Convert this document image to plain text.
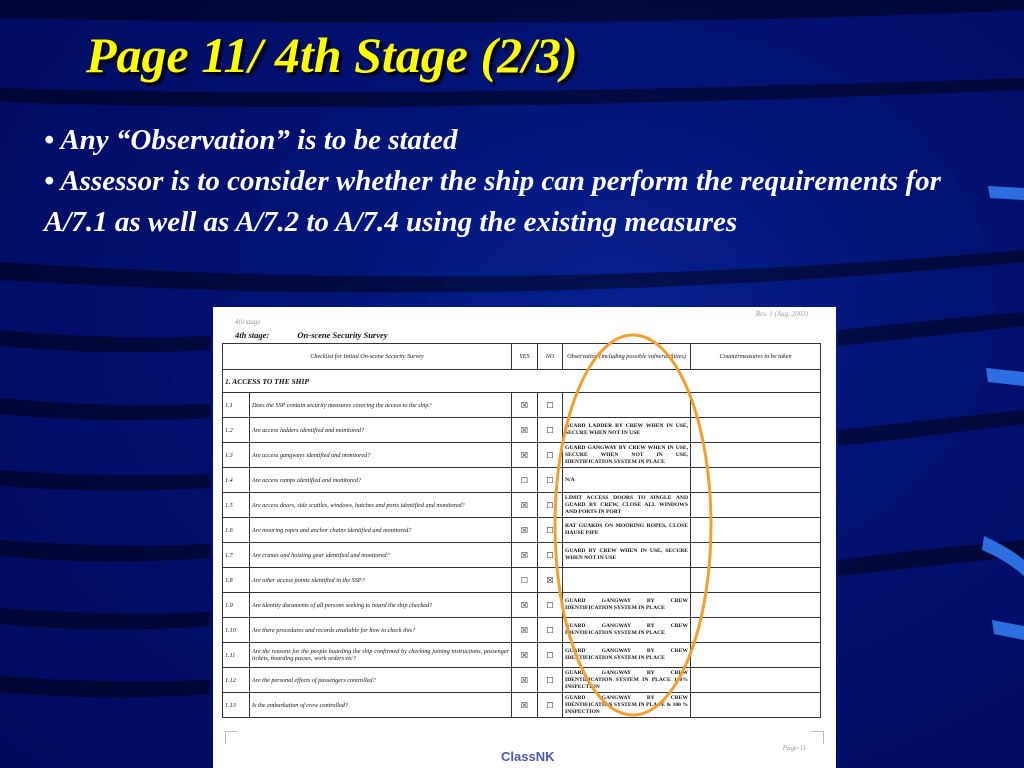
Page 11/ 4th Stage (2/3)

• Any “Observation” is to be stated

• Assessor is to consider whether the ship can perform the requirements for A/7.1 as well as A/7.2 to A/7.4 using the existing measures

Rev. 1 (Aug. 2003)
4th stage
4th stage:	On-scene Security Survey
Checklist for Initial On-scene Security Survey		YES	NO	Observation (including possible vulnerabilities)	Countermeasures to be taken
1. ACCESS TO THE SHIP					
1.1	Does the SSP contain security measures covering the access to the ship?	☒	☐		
1.2	Are access ladders identified and monitored?	☒	☐	GUARD LADDER BY CREW WHEN IN USE, SECURE WHEN NOT IN USE	
1.3	Are access gangways identified and monitored?	☒	☐	GUARD GANGWAY BY CREW WHEN IN USE, SECURE WHEN NOT IN USE, IDENTIFICATION SYSTEM IN PLACE	
1.4	Are access ramps identified and monitored?	☐	☐	N/A	
1.5	Are access doors, side scuttles, windows, hatches and ports identified and monitored?	☒	☐	LIMIT ACCESS DOORS TO SINGLE AND GUARD BY CREW, CLOSE ALL WINDOWS AND PORTS IN PORT	
1.6	Are mooring ropes and anchor chains identified and monitored?	☒	☐	RAT GUARDS ON MOORING ROPES, CLOSE HAUSE PIPE	
1.7	Are cranes and hoisting gear identified and monitored?	☒	☐	GUARD BY CREW WHEN IN USE, SECURE WHEN NOT IN USE	
1.8	Are other access points identified in the SSP?	☐	☒		
1.9	Are identity documents of all persons seeking to board the ship checked?	☒	☐	GUARD GANGWAY BY CREW IDENTIFICATION SYSTEM IN PLACE	
1.10	Are there procedures and records available for how to check this?	☒	☐	GUARD GANGWAY BY CREW IDENTIFICATION SYSTEM IN PLACE	
1.11	Are the reasons for the people boarding the ship confirmed by checking joining instructions, passenger tickets, boarding passes, work orders etc?	☒	☐	GUARD GANGWAY BY CREW IDENTIFICATION SYSTEM IN PLACE	
1.12	Are the personal effects of passengers controlled?	☒	☐	GUARD GANGWAY BY CREW IDENTIFICATION SYSTEM IN PLACE 100% INSPECTION	
1.13	Is the embarkation of crew controlled?	☒	☐	GUARD GANGWAY BY CREW IDENTIFICATION SYSTEM IN PLACE & 100 % INSPECTION	
Page-11
ClassNK
